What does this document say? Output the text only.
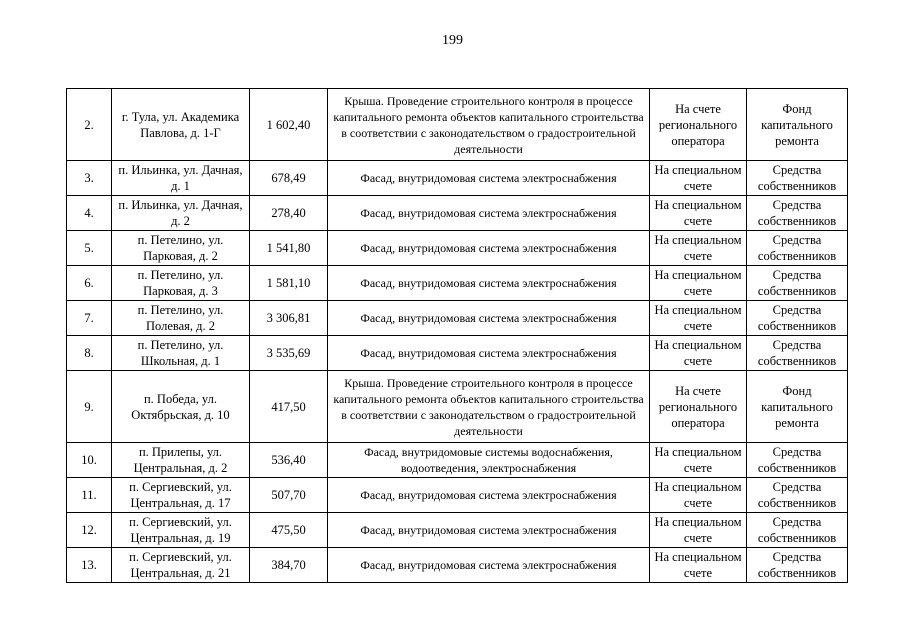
199
2.	г. Тула, ул. Академика Павлова, д. 1-Г	1 602,40	Крыша. Проведение строительного контроля в процессе капитального ремонта объектов капитального строительства в соответствии с законодательством о градостроительной деятельности	На счете регионального оператора	Фонд капитального ремонта
3.	п. Ильинка, ул. Дачная, д. 1	678,49	Фасад, внутридомовая система электроснабжения	На специальном счете	Средства собственников
4.	п. Ильинка, ул. Дачная, д. 2	278,40	Фасад, внутридомовая система электроснабжения	На специальном счете	Средства собственников
5.	п. Петелино, ул. Парковая, д. 2	1 541,80	Фасад, внутридомовая система электроснабжения	На специальном счете	Средства собственников
6.	п. Петелино, ул. Парковая, д. 3	1 581,10	Фасад, внутридомовая система электроснабжения	На специальном счете	Средства собственников
7.	п. Петелино, ул. Полевая, д. 2	3 306,81	Фасад, внутридомовая система электроснабжения	На специальном счете	Средства собственников
8.	п. Петелино, ул. Школьная, д. 1	3 535,69	Фасад, внутридомовая система электроснабжения	На специальном счете	Средства собственников
9.	п. Победа, ул. Октябрьская, д. 10	417,50	Крыша. Проведение строительного контроля в процессе капитального ремонта объектов капитального строительства в соответствии с законодательством о градостроительной деятельности	На счете регионального оператора	Фонд капитального ремонта
10.	п. Прилепы, ул. Центральная, д. 2	536,40	Фасад, внутридомовые системы водоснабжения, водоотведения, электроснабжения	На специальном счете	Средства собственников
11.	п. Сергиевский, ул. Центральная, д. 17	507,70	Фасад, внутридомовая система электроснабжения	На специальном счете	Средства собственников
12.	п. Сергиевский, ул. Центральная, д. 19	475,50	Фасад, внутридомовая система электроснабжения	На специальном счете	Средства собственников
13.	п. Сергиевский, ул. Центральная, д. 21	384,70	Фасад, внутридомовая система электроснабжения	На специальном счете	Средства собственников
